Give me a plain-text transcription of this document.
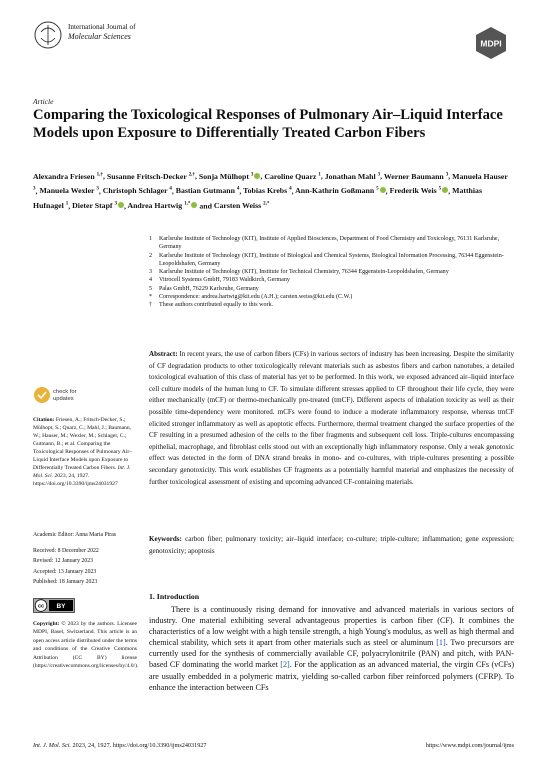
International Journal of
Molecular Sciences
MDPI
Article
Comparing the Toxicological Responses of Pulmonary Air–Liquid Interface Models upon Exposure to Differentially Treated Carbon Fibers
Alexandra Friesen $^{1,\dagger}$, Susanne Fritsch-Decker $^{2,\dagger}$, Sonja Mülhopt $^3$ , Caroline Quarz $^1$, Jonathan Mahl $^3$, Werner Baumann $^3$, Manuela Hauser $^3$, Manuela Wexler $^3$, Christoph Schlager $^4$, Bastian Gutmann $^4$, Tobias Krebs $^4$, Ann-Kathrin Goßmann $^5$ , Frederik Weis $^5$ , Matthias Hufnagel $^1$, Dieter Stapf $^3$ , Andrea Hartwig $^{1,*}$ and Carsten Weiss $^{2,*}$
1	Karlsruhe Institute of Technology (KIT), Institute of Applied Biosciences, Department of Food Chemistry and Toxicology, 76131 Karlsruhe, Germany
2	Karlsruhe Institute of Technology (KIT), Institute of Biological and Chemical Systems, Biological Information Processing, 76344 Eggenstein-Leopoldshafen, Germany
3	Karlsruhe Institute of Technology (KIT), Institute for Technical Chemistry, 76344 Eggenstein-Leopoldshafen, Germany
4	Vitrocell Systems GmbH, 79183 Waldkirch, Germany
5	Palas GmbH, 76229 Karlsruhe, Germany
*	Correspondence: andrea.hartwig@kit.edu (A.H.); carsten.weiss@kit.edu (C.W.)
†	These authors contributed equally to this work.
Abstract: In recent years, the use of carbon fibers (CFs) in various sectors of industry has been increasing. Despite the similarity of CF degradation products to other toxicologically relevant materials such as asbestos fibers and carbon nanotubes, a detailed toxicological evaluation of this class of material has yet to be performed. In this work, we exposed advanced air–liquid interface cell culture models of the human lung to CF. To simulate different stresses applied to CF throughout their life cycle, they were either mechanically (mCF) or thermo-mechanically pre-treated (tmCF). Different aspects of inhalation toxicity as well as their possible time-dependency were monitored. mCFs were found to induce a moderate inflammatory response, whereas tmCF elicited stronger inflammatory as well as apoptotic effects. Furthermore, thermal treatment changed the surface properties of the CF resulting in a presumed adhesion of the cells to the fiber fragments and subsequent cell loss. Triple-cultures encompassing epithelial, macrophage, and fibroblast cells stood out with an exceptionally high inflammatory response. Only a weak genotoxic effect was detected in the form of DNA strand breaks in mono- and co-cultures, with triple-cultures presenting a possible secondary genotoxicity. This work establishes CF fragments as a potentially harmful material and emphasizes the necessity of further toxicological assessment of existing and upcoming advanced CF-containing materials.
Keywords: carbon fiber; pulmonary toxicity; air–liquid interface; co-culture; triple-culture; inflammation; gene expression; genotoxicity; apoptosis
check for
updates
Citation: Friesen, A.; Fritsch-Decker, S.; Mülhopt, S.; Quarz, C.; Mahl, J.; Baumann, W.; Hauser, M.; Wexler, M.; Schlager, C.; Gutmann, B.; et al. Comparing the Toxicological Responses of Pulmonary Air–Liquid Interface Models upon Exposure to Differentially Treated Carbon Fibers. Int. J. Mol. Sci. 2023, 24, 1927. https://doi.org/10.3390/ijms24031927
Academic Editor: Anna Maria Piras
Received: 8 December 2022
Revised: 12 January 2023
Accepted: 13 January 2023
Published: 18 January 2023
cc BY
Copyright: © 2023 by the authors. Licensee MDPI, Basel, Switzerland. This article is an open access article distributed under the terms and conditions of the Creative Commons Attribution (CC BY) license (https://creativecommons.org/licenses/by/4.0/).
1. Introduction
There is a continuously rising demand for innovative and advanced materials in various sectors of industry. One material exhibiting several advantageous properties is carbon fiber (CF). It combines the characteristics of a low weight with a high tensile strength, a high Young's modulus, as well as high thermal and chemical stability, which sets it apart from other materials such as steel or aluminum [1]. Two precursors are currently used for the synthesis of commercially available CF, polyacrylonitrile (PAN) and pitch, with PAN-based CF dominating the world market [2]. For the application as an advanced material, the virgin CFs (vCFs) are usually embedded in a polymeric matrix, yielding so-called carbon fiber reinforced polymers (CFRP). To enhance the interaction between CFs
Int. J. Mol. Sci. 2023, 24, 1927. https://doi.org/10.3390/ijms24031927	https://www.mdpi.com/journal/ijms
